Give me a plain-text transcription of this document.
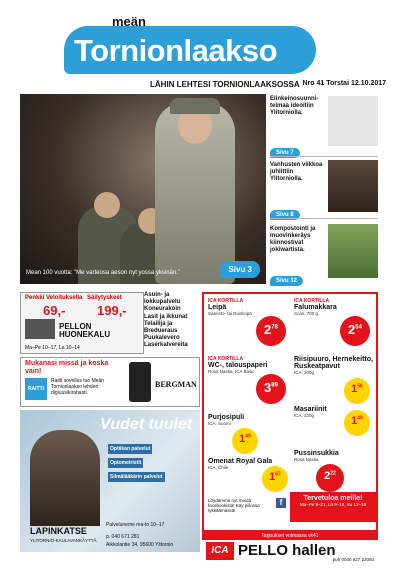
meän
Tornionlaakso
LÄHIN LEHTESI TORNIONLAAKSOSSA Nro 41 Torstai 12.10.2017
Mean 100 vuotta: "Me varteosa aeson nyt yossa yksinän."	Sivu 3
Elinkeinosuunni-telmaa ideoitiin Ylitorniolla.
Sivu 7
Vanhusten viikkoa juhlittiin Ylitorniolla.
Sivu 8
Kompostointi ja muovinkeräys kiinnostivat jokiwartista.
Sivu 12
Penkki Veloituksella Säilytyskeet
69,- 199,-
PELLON HUONEKALU
Ma–Pe 10–17, La 10–14
Asuin- ja
lokkupalvelu
Koneurakoin
Lasit ja ikkunat
Telailija ja
Bredueraus
Puukalevero
Laserkalvereita
Mukanasi missä ja koska vain!
RAITTI
Raitti sovellus tuo Meän Tornionlaakso lehden digiuusikirahasti.
BERGMAN
Vudet tuulet
Optiikan palvelut
Optometristit
Silmälääkärin palvelut
LAPINKATSE
YLITORNIO-KAULAVANKÄYTTÄ
Palveluneme ma-to 10–17
p. 040 671 281
Aikkolantie 34, 95600 Ylitornio
ICA KORTILLA
Leipä
Saaristo- tai Ruisleipä
$2^{78}$
ICA KORTILLA
Falumakkara
Scan, 700 g
$2^{54}$
ICA KORTILLA
WC-, talouspaperi
Rosa Nastia, ICA Basic
$3^{89}$
Riisipuuro, Hernekeitto, Ruskeatpavut
ICA, 300g
$1^{56}$
Purjosipuli
ICA, Suomi
$1^{49}$
Masariinit
ICA, 320g	$1^{49}$
Omenat Royal Gala
ICA, Chile
$1^{67}$
Pussinsukkia
Rosa Nastia
$2^{22}$
Löydämme nyt meidä facebookista! Käy piilossa tykkäämässä!
f	Tervetuloa meille!
Ma–Pe 9–21, La 9–18, Su 12–18
Tarjoukset voimassa vk41
ICA PELLO hallen
puh 0040 927 22050
